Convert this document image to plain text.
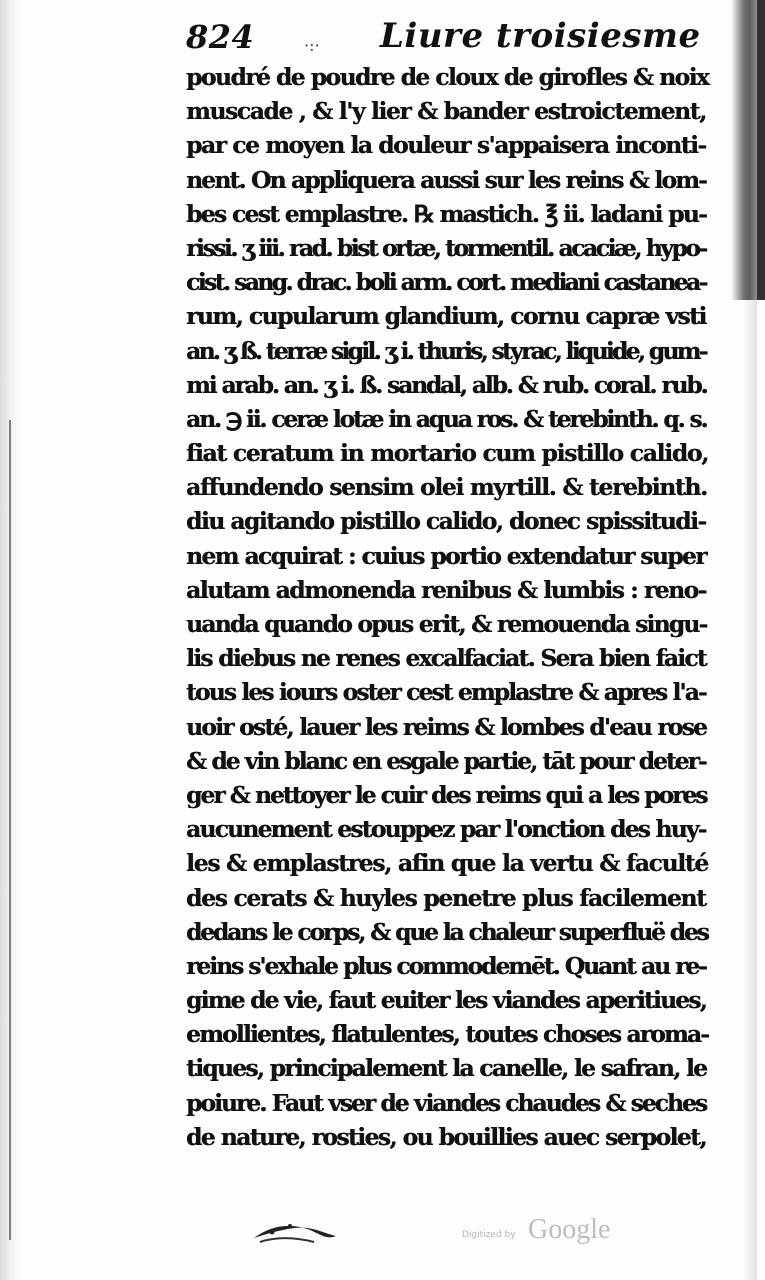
824	·:· Liure troisiesme
poudré de poudre de cloux de girofles & noix
muscade , & l'y lier & bander estroictement,
par ce moyen la douleur s'appaisera inconti-
nent. On appliquera aussi sur les reins & lom-
bes cest emplastre. ℞ mastich. ℥ ii. ladani pu-
rissi. ʒ iii. rad. bist ortæ, tormentil. acaciæ, hypo-
cist. sang. drac. boli arm. cort. mediani castanea-
rum, cupularum glandium, cornu capræ vsti
an. ʒ ß. terræ sigil. ʒ i. thuris, styrac, liquide, gum-
mi arab. an. ʒ i. ß. sandal, alb. & rub. coral. rub.
an. ℈ ii. ceræ lotæ in aqua ros. & terebinth. q. s.
fiat ceratum in mortario cum pistillo calido,
affundendo sensim olei myrtill. & terebinth.
diu agitando pistillo calido, donec spissitudi-
nem acquirat : cuius portio extendatur super
alutam admonenda renibus & lumbis : reno-
uanda quando opus erit, & remouenda singu-
lis diebus ne renes excalfaciat. Sera bien faict
tous les iours oster cest emplastre & apres l'a-
uoir osté, lauer les reims & lombes d'eau rose
& de vin blanc en esgale partie, tāt pour deter-
ger & nettoyer le cuir des reims qui a les pores
aucunement estouppez par l'onction des huy-
les & emplastres, afin que la vertu & faculté
des cerats & huyles penetre plus facilement
dedans le corps, & que la chaleur superfluë des
reins s'exhale plus commodemēt. Quant au re-
gime de vie, faut euiter les viandes aperitiues,
emollientes, flatulentes, toutes choses aroma-
tiques, principalement la canelle, le safran, le
poiure. Faut vser de viandes chaudes & seches
de nature, rosties, ou bouillies auec serpolet,
Digitized by Google
